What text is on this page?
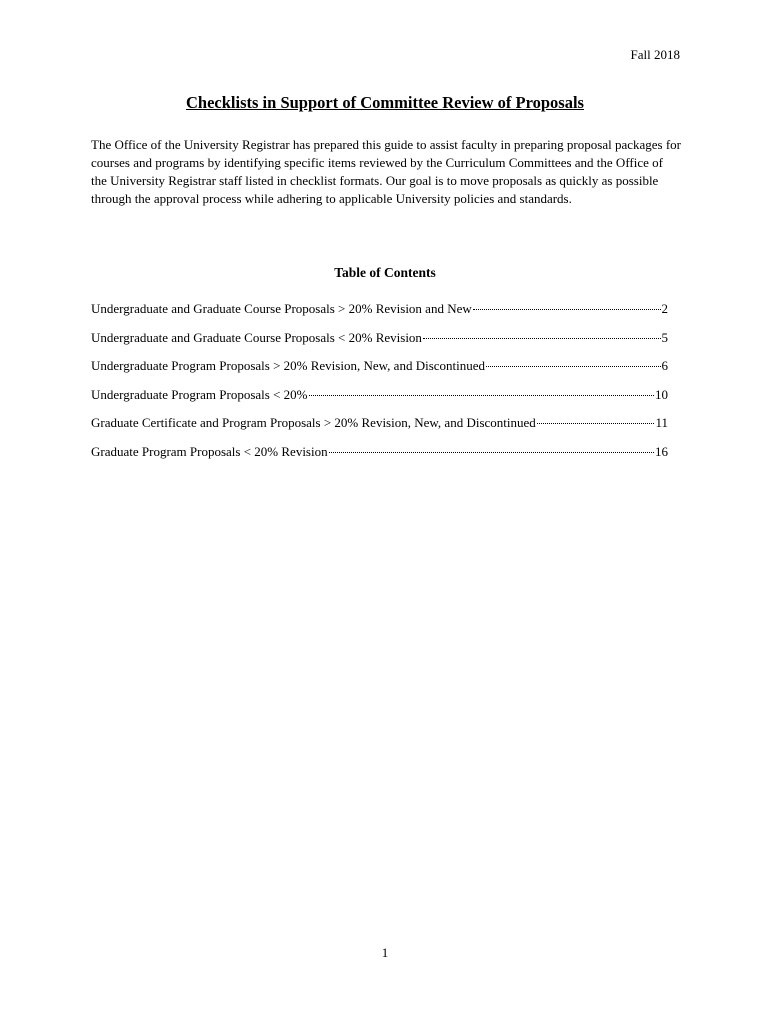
Fall 2018
Checklists in Support of Committee Review of Proposals

The Office of the University Registrar has prepared this guide to assist faculty in preparing proposal packages for courses and programs by identifying specific items reviewed by the Curriculum Committees and the Office of the University Registrar staff listed in checklist formats. Our goal is to move proposals as quickly as possible through the approval process while adhering to applicable University policies and standards.

Table of Contents
Undergraduate and Graduate Course Proposals > 20% Revision and New	2
Undergraduate and Graduate Course Proposals < 20% Revision	5
Undergraduate Program Proposals > 20% Revision, New, and Discontinued	6
Undergraduate Program Proposals < 20%	10
Graduate Certificate and Program Proposals > 20% Revision, New, and Discontinued	11
Graduate Program Proposals < 20% Revision	16
1
